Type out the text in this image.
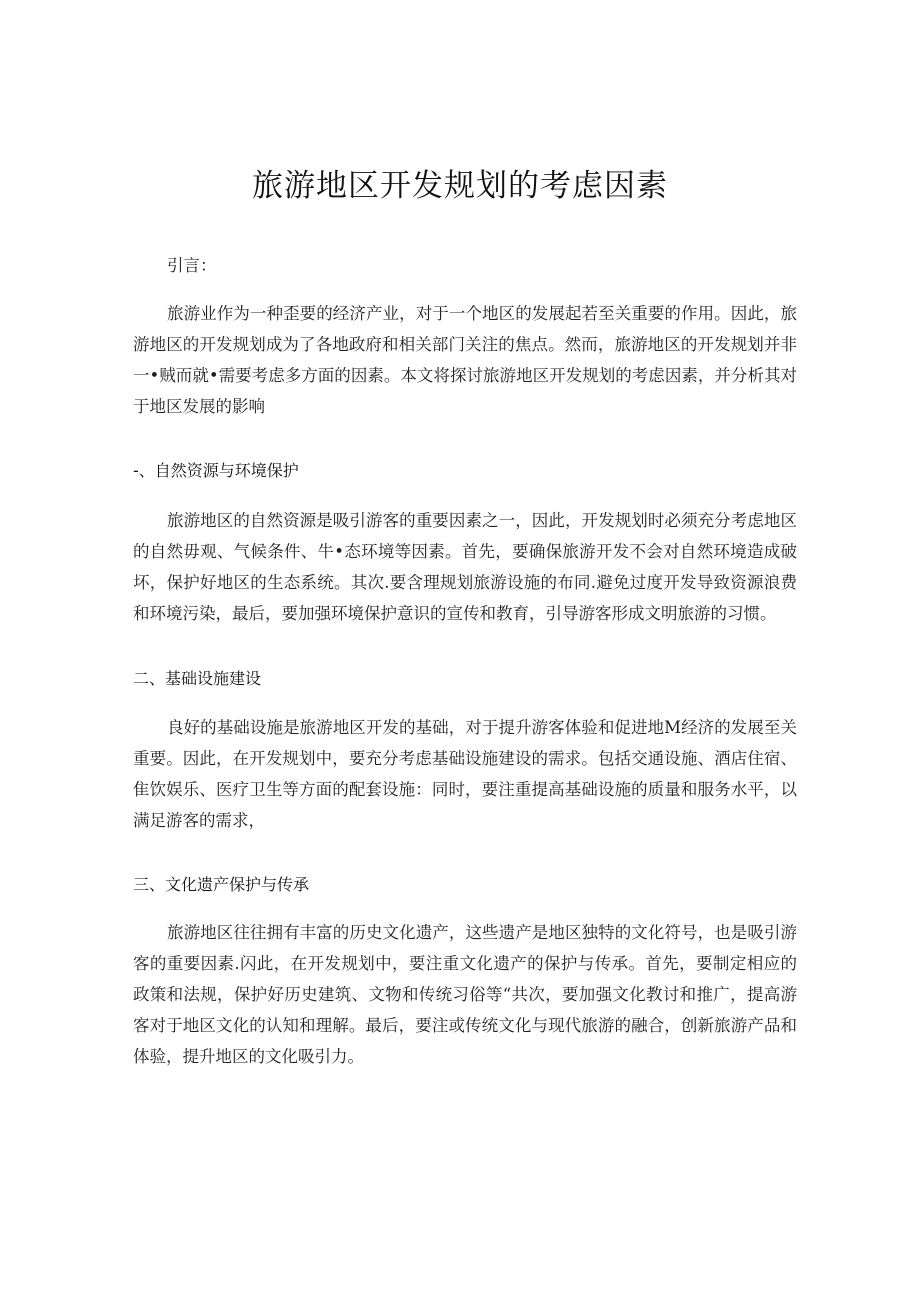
旅游地区开发规划的考虑因素

引言：

旅游业作为一种歪要的经济产业，对于一个地区的发展起若至关重要的作用。因此，旅游地区的开发规划成为了各地政府和相关部门关注的焦点。然而，旅游地区的开发规划并非一•贼而就•需要考虑多方面的因素。本文将探讨旅游地区开发规划的考虑因素，并分析其对于地区发展的影响

-、自然资源与环境保护

旅游地区的自然资源是吸引游客的重要因素之一，因此，开发规划时必须充分考虑地区的自然毋观、气候条件、牛•态环境等因素。首先，要确保旅游开发不会对自然环境造成破坏，保护好地区的生态系统。其次.要含理规划旅游设施的布同.避免过度开发导致资源浪费和环境污染，最后，要加强环境保护意识的宣传和教育，引导游客形成文明旅游的习惯。

二、基础设施建设

良好的基础设施是旅游地区开发的基础，对于提升游客体验和促进地M经济的发展至关重要。因此，在开发规划中，要充分考虑基础设施建设的需求。包括交通设施、酒店住宿、隹饮娱乐、医疗卫生等方面的配套设施：同时，要注重提高基础设施的质量和服务水平，以满足游客的需求，

三、文化遗产保护与传承

旅游地区往往拥有丰富的历史文化遗产，这些遗产是地区独特的文化符号，也是吸引游客的重要因素.闪此，在开发规划中，要注重文化遗产的保护与传承。首先，要制定相应的政策和法规，保护好历史建筑、文物和传统习俗等“共次，要加强文化教讨和推广，提高游客对于地区文化的认知和理解。最后，要注或传统文化与现代旅游的融合，创新旅游产品和体验，提升地区的文化吸引力。
